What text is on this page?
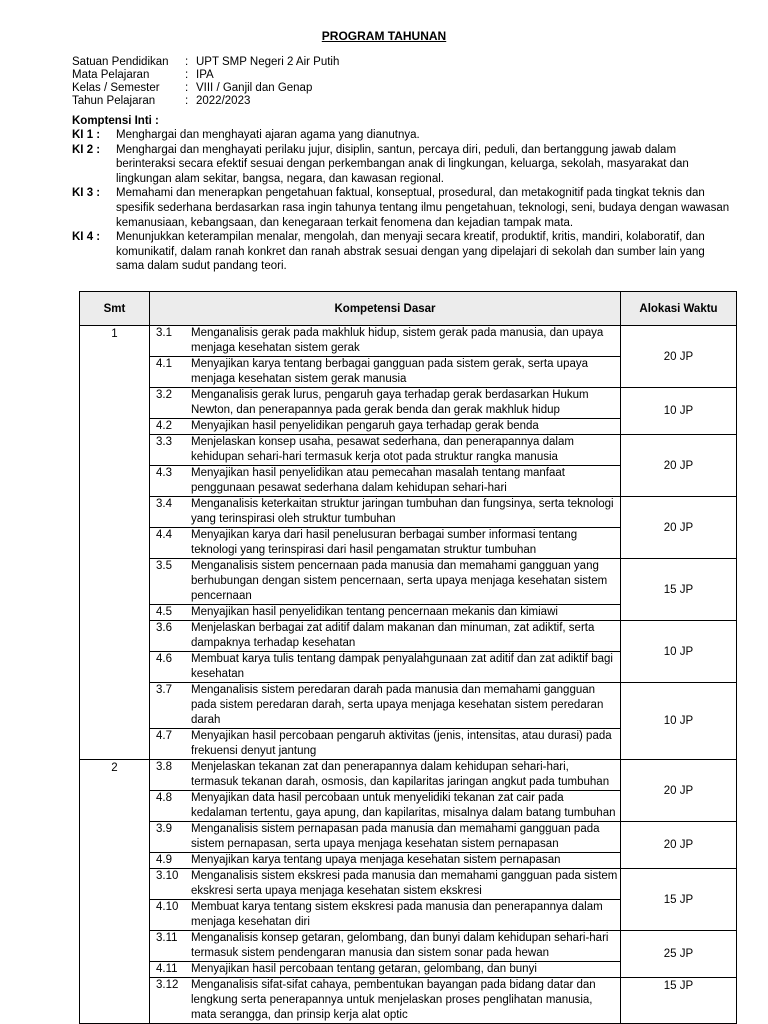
PROGRAM TAHUNAN
Satuan Pendidikan	: UPT SMP Negeri 2 Air Putih
Mata Pelajaran	: IPA
Kelas / Semester	: VIII / Ganjil dan Genap
Tahun Pelajaran	: 2022/2023
Komptensi Inti :
KI 1 :	Menghargai dan menghayati ajaran agama yang dianutnya.
KI 2 :	Menghargai dan menghayati perilaku jujur, disiplin, santun, percaya diri, peduli, dan bertanggung jawab dalam berinteraksi secara efektif sesuai dengan perkembangan anak di lingkungan, keluarga, sekolah, masyarakat dan lingkungan alam sekitar, bangsa, negara, dan kawasan regional.
KI 3 :	Memahami dan menerapkan pengetahuan faktual, konseptual, prosedural, dan metakognitif pada tingkat teknis dan spesifik sederhana berdasarkan rasa ingin tahunya tentang ilmu pengetahuan, teknologi, seni, budaya dengan wawasan kemanusiaan, kebangsaan, dan kenegaraan terkait fenomena dan kejadian tampak mata.
KI 4 :	Menunjukkan keterampilan menalar, mengolah, dan menyaji secara kreatif, produktif, kritis, mandiri, kolaboratif, dan komunikatif, dalam ranah konkret dan ranah abstrak sesuai dengan yang dipelajari di sekolah dan sumber lain yang sama dalam sudut pandang teori.
Smt	Kompetensi Dasar	Alokasi Waktu
1	3.1 Menganalisis gerak pada makhluk hidup, sistem gerak pada manusia, dan upaya menjaga kesehatan sistem gerak
4.1 Menyajikan karya tentang berbagai gangguan pada sistem gerak, serta upaya menjaga kesehatan sistem gerak manusia	20 JP

	3.2 Menganalisis gerak lurus, pengaruh gaya terhadap gerak berdasarkan Hukum Newton, dan penerapannya pada gerak benda dan gerak makhluk hidup
4.2 Menyajikan hasil penyelidikan pengaruh gaya terhadap gerak benda	10 JP

	3.3 Menjelaskan konsep usaha, pesawat sederhana, dan penerapannya dalam kehidupan sehari-hari termasuk kerja otot pada struktur rangka manusia
4.3 Menyajikan hasil penyelidikan atau pemecahan masalah tentang manfaat penggunaan pesawat sederhana dalam kehidupan sehari-hari	20 JP

	3.4 Menganalisis keterkaitan struktur jaringan tumbuhan dan fungsinya, serta teknologi yang terinspirasi oleh struktur tumbuhan
4.4 Menyajikan karya dari hasil penelusuran berbagai sumber informasi tentang teknologi yang terinspirasi dari hasil pengamatan struktur tumbuhan	20 JP

	3.5 Menganalisis sistem pencernaan pada manusia dan memahami gangguan yang berhubungan dengan sistem pencernaan, serta upaya menjaga kesehatan sistem pencernaan
4.5 Menyajikan hasil penyelidikan tentang pencernaan mekanis dan kimiawi	15 JP

	3.6 Menjelaskan berbagai zat aditif dalam makanan dan minuman, zat adiktif, serta dampaknya terhadap kesehatan
4.6 Membuat karya tulis tentang dampak penyalahgunaan zat aditif dan zat adiktif bagi kesehatan	10 JP

	3.7 Menganalisis sistem peredaran darah pada manusia dan memahami gangguan pada sistem peredaran darah, serta upaya menjaga kesehatan sistem peredaran darah
4.7 Menyajikan hasil percobaan pengaruh aktivitas (jenis, intensitas, atau durasi) pada frekuensi denyut jantung	10 JP
2	3.8 Menjelaskan tekanan zat dan penerapannya dalam kehidupan sehari-hari, termasuk tekanan darah, osmosis, dan kapilaritas jaringan angkut pada tumbuhan
4.8 Menyajikan data hasil percobaan untuk menyelidiki tekanan zat cair pada kedalaman tertentu, gaya apung, dan kapilaritas, misalnya dalam batang tumbuhan	20 JP

	3.9 Menganalisis sistem pernapasan pada manusia dan memahami gangguan pada sistem pernapasan, serta upaya menjaga kesehatan sistem pernapasan
4.9 Menyajikan karya tentang upaya menjaga kesehatan sistem pernapasan	20 JP

	3.10 Menganalisis sistem ekskresi pada manusia dan memahami gangguan pada sistem ekskresi serta upaya menjaga kesehatan sistem ekskresi
4.10 Membuat karya tentang sistem ekskresi pada manusia dan penerapannya dalam menjaga kesehatan diri	15 JP

	3.11 Menganalisis konsep getaran, gelombang, dan bunyi dalam kehidupan sehari-hari termasuk sistem pendengaran manusia dan sistem sonar pada hewan
4.11 Menyajikan hasil percobaan tentang getaran, gelombang, dan bunyi	25 JP

	3.12 Menganalisis sifat-sifat cahaya, pembentukan bayangan pada bidang datar dan lengkung serta penerapannya untuk menjelaskan proses penglihatan manusia, mata serangga, dan prinsip kerja alat optic	15 JP
